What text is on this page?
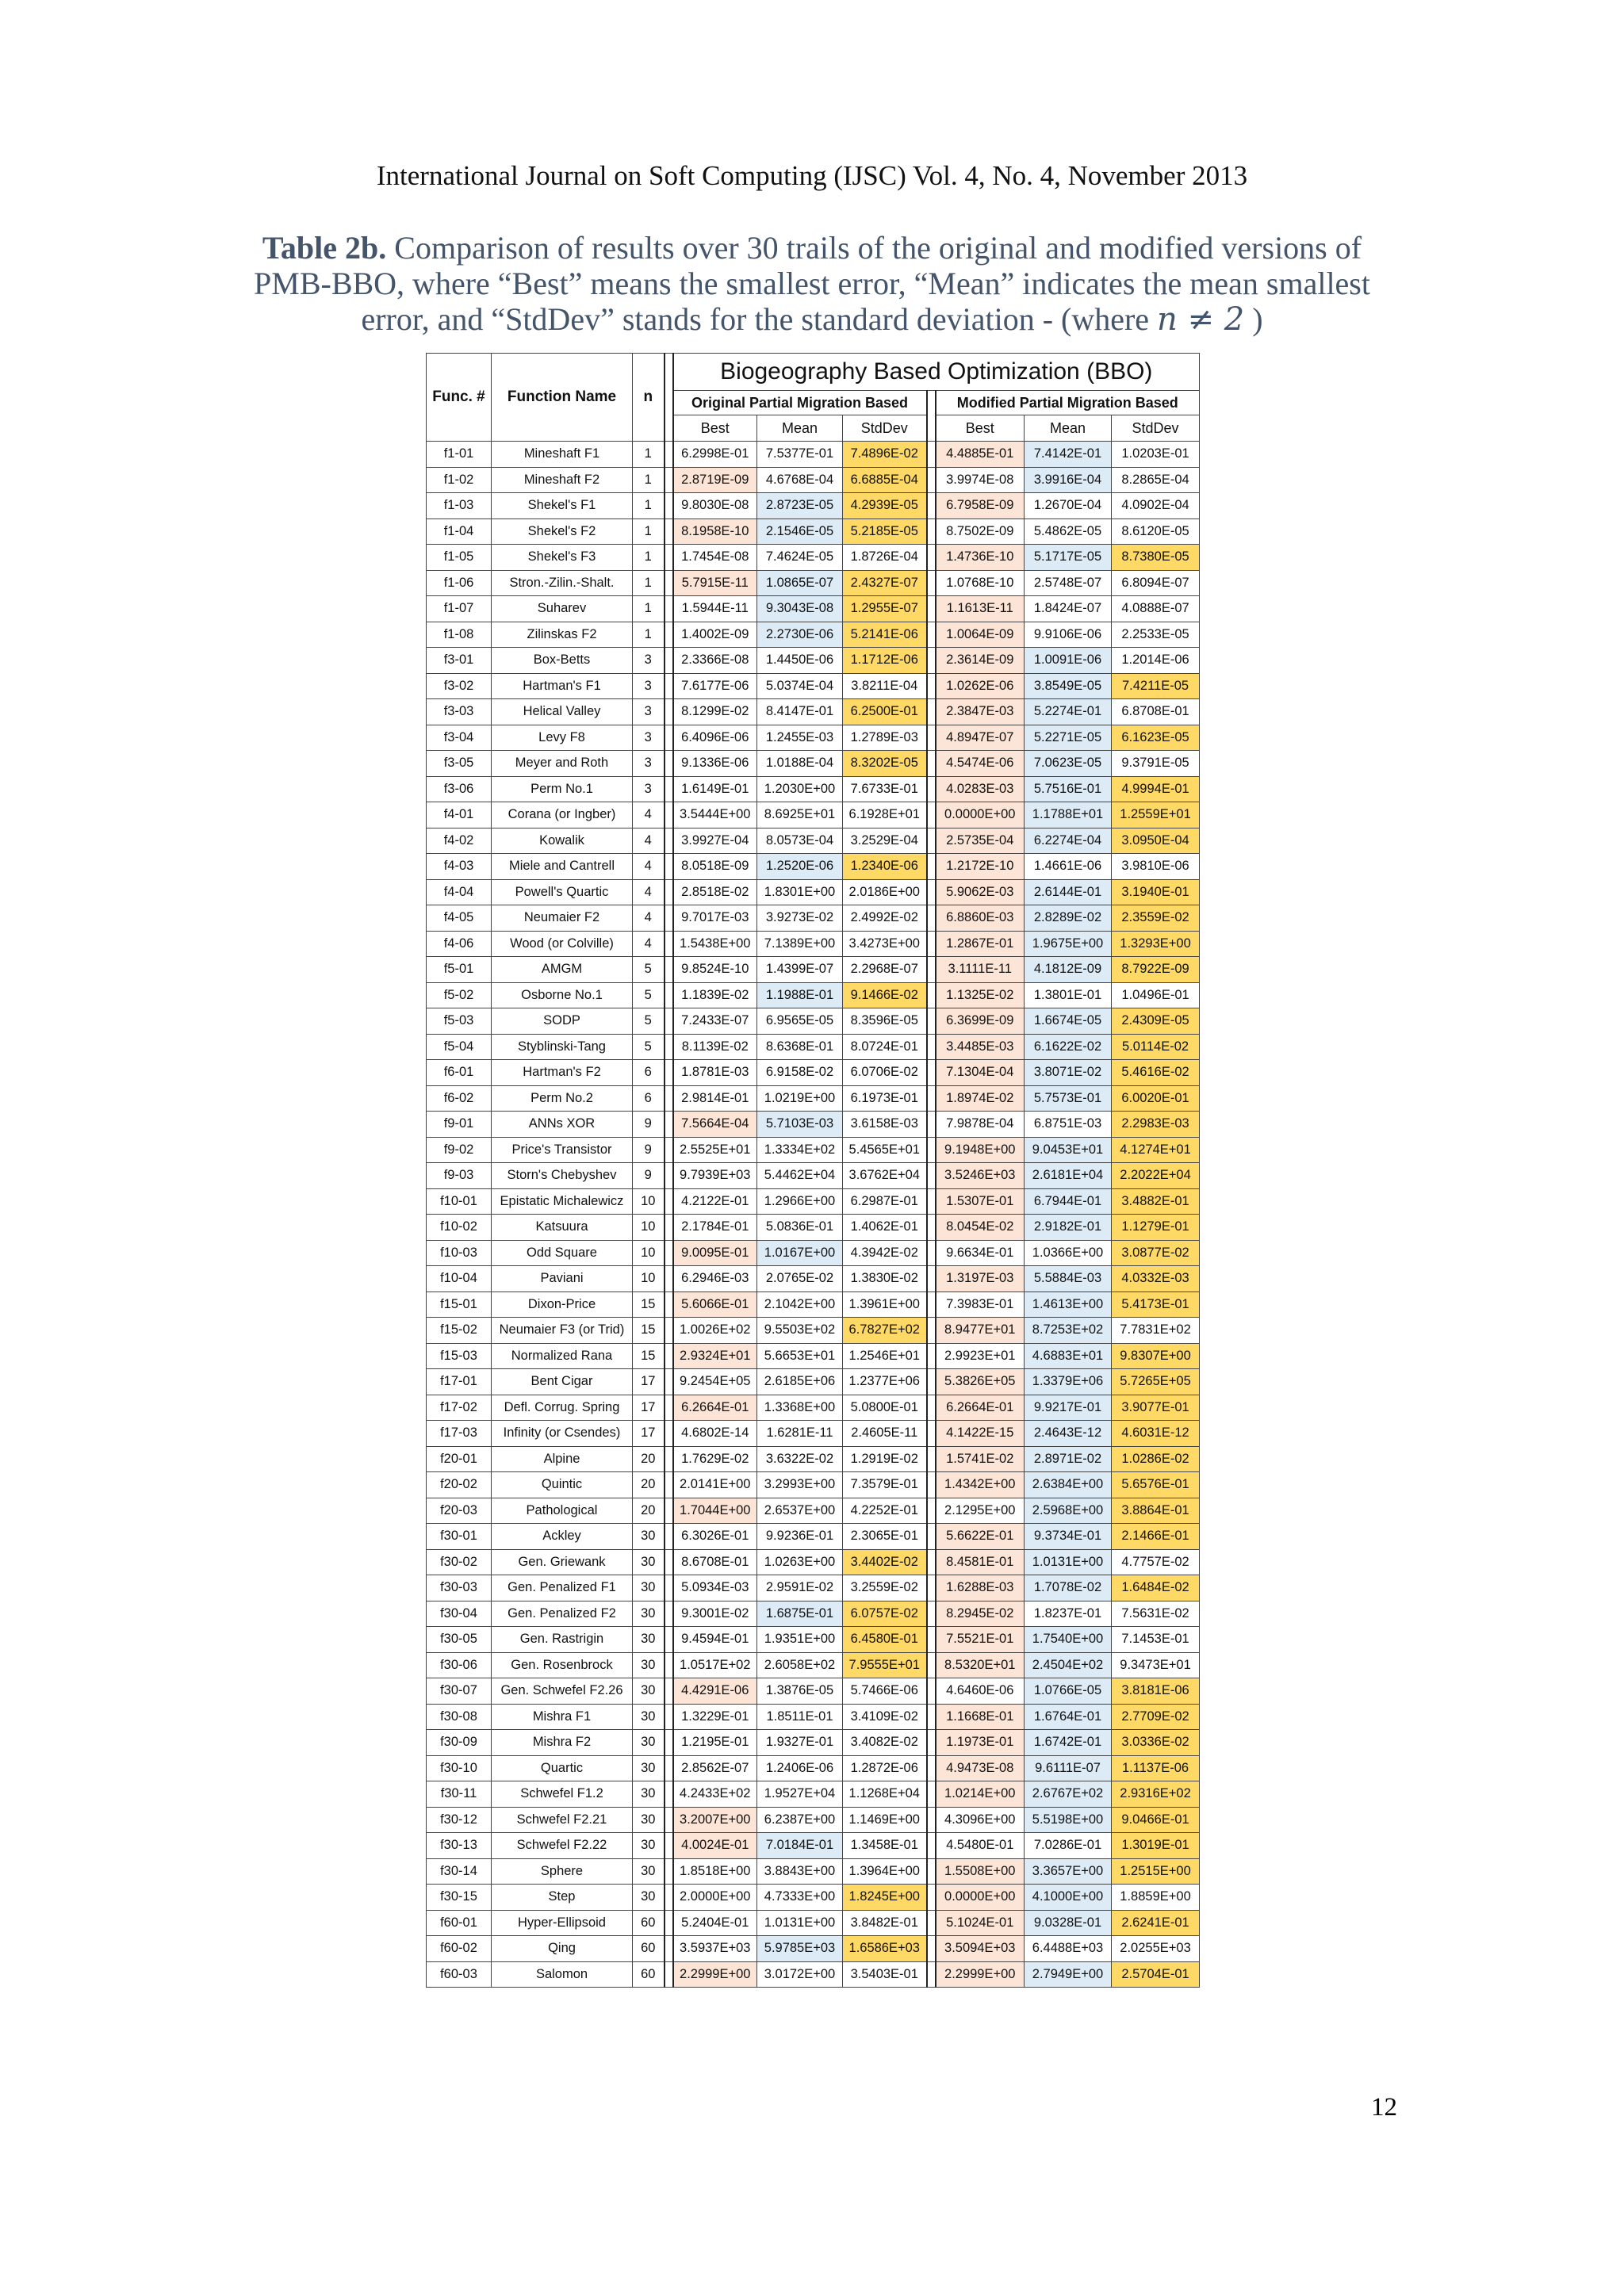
International Journal on Soft Computing (IJSC) Vol. 4, No. 4, November 2013
Table 2b. Comparison of results over 30 trails of the original and modified versions of PMB-BBO, where “Best” means the smallest error, “Mean” indicates the mean smallest error, and “StdDev” stands for the standard deviation - (where n ≠ 2 )
Func. #	Function Name	n		Biogeography Based Optimization (BBO)						
				Original Partial Migration Based				Modified Partial Migration Based		
				Best	Mean	StdDev		Best	Mean	StdDev
f1-01	Mineshaft F1	1		6.2998E-01	7.5377E-01	7.4896E-02		4.4885E-01	7.4142E-01	1.0203E-01
f1-02	Mineshaft F2	1		2.8719E-09	4.6768E-04	6.6885E-04		3.9974E-08	3.9916E-04	8.2865E-04
f1-03	Shekel's F1	1		9.8030E-08	2.8723E-05	4.2939E-05		6.7958E-09	1.2670E-04	4.0902E-04
f1-04	Shekel's F2	1		8.1958E-10	2.1546E-05	5.2185E-05		8.7502E-09	5.4862E-05	8.6120E-05
f1-05	Shekel's F3	1		1.7454E-08	7.4624E-05	1.8726E-04		1.4736E-10	5.1717E-05	8.7380E-05
f1-06	Stron.-Zilin.-Shalt.	1		5.7915E-11	1.0865E-07	2.4327E-07		1.0768E-10	2.5748E-07	6.8094E-07
f1-07	Suharev	1		1.5944E-11	9.3043E-08	1.2955E-07		1.1613E-11	1.8424E-07	4.0888E-07
f1-08	Zilinskas F2	1		1.4002E-09	2.2730E-06	5.2141E-06		1.0064E-09	9.9106E-06	2.2533E-05
f3-01	Box-Betts	3		2.3366E-08	1.4450E-06	1.1712E-06		2.3614E-09	1.0091E-06	1.2014E-06
f3-02	Hartman's F1	3		7.6177E-06	5.0374E-04	3.8211E-04		1.0262E-06	3.8549E-05	7.4211E-05
f3-03	Helical Valley	3		8.1299E-02	8.4147E-01	6.2500E-01		2.3847E-03	5.2274E-01	6.8708E-01
f3-04	Levy F8	3		6.4096E-06	1.2455E-03	1.2789E-03		4.8947E-07	5.2271E-05	6.1623E-05
f3-05	Meyer and Roth	3		9.1336E-06	1.0188E-04	8.3202E-05		4.5474E-06	7.0623E-05	9.3791E-05
f3-06	Perm No.1	3		1.6149E-01	1.2030E+00	7.6733E-01		4.0283E-03	5.7516E-01	4.9994E-01
f4-01	Corana (or Ingber)	4		3.5444E+00	8.6925E+01	6.1928E+01		0.0000E+00	1.1788E+01	1.2559E+01
f4-02	Kowalik	4		3.9927E-04	8.0573E-04	3.2529E-04		2.5735E-04	6.2274E-04	3.0950E-04
f4-03	Miele and Cantrell	4		8.0518E-09	1.2520E-06	1.2340E-06		1.2172E-10	1.4661E-06	3.9810E-06
f4-04	Powell's Quartic	4		2.8518E-02	1.8301E+00	2.0186E+00		5.9062E-03	2.6144E-01	3.1940E-01
f4-05	Neumaier F2	4		9.7017E-03	3.9273E-02	2.4992E-02		6.8860E-03	2.8289E-02	2.3559E-02
f4-06	Wood (or Colville)	4		1.5438E+00	7.1389E+00	3.4273E+00		1.2867E-01	1.9675E+00	1.3293E+00
f5-01	AMGM	5		9.8524E-10	1.4399E-07	2.2968E-07		3.1111E-11	4.1812E-09	8.7922E-09
f5-02	Osborne No.1	5		1.1839E-02	1.1988E-01	9.1466E-02		1.1325E-02	1.3801E-01	1.0496E-01
f5-03	SODP	5		7.2433E-07	6.9565E-05	8.3596E-05		6.3699E-09	1.6674E-05	2.4309E-05
f5-04	Styblinski-Tang	5		8.1139E-02	8.6368E-01	8.0724E-01		3.4485E-03	6.1622E-02	5.0114E-02
f6-01	Hartman's F2	6		1.8781E-03	6.9158E-02	6.0706E-02		7.1304E-04	3.8071E-02	5.4616E-02
f6-02	Perm No.2	6		2.9814E-01	1.0219E+00	6.1973E-01		1.8974E-02	5.7573E-01	6.0020E-01
f9-01	ANNs XOR	9		7.5664E-04	5.7103E-03	3.6158E-03		7.9878E-04	6.8751E-03	2.2983E-03
f9-02	Price's Transistor	9		2.5525E+01	1.3334E+02	5.4565E+01		9.1948E+00	9.0453E+01	4.1274E+01
f9-03	Storn's Chebyshev	9		9.7939E+03	5.4462E+04	3.6762E+04		3.5246E+03	2.6181E+04	2.2022E+04
f10-01	Epistatic Michalewicz	10		4.2122E-01	1.2966E+00	6.2987E-01		1.5307E-01	6.7944E-01	3.4882E-01
f10-02	Katsuura	10		2.1784E-01	5.0836E-01	1.4062E-01		8.0454E-02	2.9182E-01	1.1279E-01
f10-03	Odd Square	10		9.0095E-01	1.0167E+00	4.3942E-02		9.6634E-01	1.0366E+00	3.0877E-02
f10-04	Paviani	10		6.2946E-03	2.0765E-02	1.3830E-02		1.3197E-03	5.5884E-03	4.0332E-03
f15-01	Dixon-Price	15		5.6066E-01	2.1042E+00	1.3961E+00		7.3983E-01	1.4613E+00	5.4173E-01
f15-02	Neumaier F3 (or Trid)	15		1.0026E+02	9.5503E+02	6.7827E+02		8.9477E+01	8.7253E+02	7.7831E+02
f15-03	Normalized Rana	15		2.9324E+01	5.6653E+01	1.2546E+01		2.9923E+01	4.6883E+01	9.8307E+00
f17-01	Bent Cigar	17		9.2454E+05	2.6185E+06	1.2377E+06		5.3826E+05	1.3379E+06	5.7265E+05
f17-02	Defl. Corrug. Spring	17		6.2664E-01	1.3368E+00	5.0800E-01		6.2664E-01	9.9217E-01	3.9077E-01
f17-03	Infinity (or Csendes)	17		4.6802E-14	1.6281E-11	2.4605E-11		4.1422E-15	2.4643E-12	4.6031E-12
f20-01	Alpine	20		1.7629E-02	3.6322E-02	1.2919E-02		1.5741E-02	2.8971E-02	1.0286E-02
f20-02	Quintic	20		2.0141E+00	3.2993E+00	7.3579E-01		1.4342E+00	2.6384E+00	5.6576E-01
f20-03	Pathological	20		1.7044E+00	2.6537E+00	4.2252E-01		2.1295E+00	2.5968E+00	3.8864E-01
f30-01	Ackley	30		6.3026E-01	9.9236E-01	2.3065E-01		5.6622E-01	9.3734E-01	2.1466E-01
f30-02	Gen. Griewank	30		8.6708E-01	1.0263E+00	3.4402E-02		8.4581E-01	1.0131E+00	4.7757E-02
f30-03	Gen. Penalized F1	30		5.0934E-03	2.9591E-02	3.2559E-02		1.6288E-03	1.7078E-02	1.6484E-02
f30-04	Gen. Penalized F2	30		9.3001E-02	1.6875E-01	6.0757E-02		8.2945E-02	1.8237E-01	7.5631E-02
f30-05	Gen. Rastrigin	30		9.4594E-01	1.9351E+00	6.4580E-01		7.5521E-01	1.7540E+00	7.1453E-01
f30-06	Gen. Rosenbrock	30		1.0517E+02	2.6058E+02	7.9555E+01		8.5320E+01	2.4504E+02	9.3473E+01
f30-07	Gen. Schwefel F2.26	30		4.4291E-06	1.3876E-05	5.7466E-06		4.6460E-06	1.0766E-05	3.8181E-06
f30-08	Mishra F1	30		1.3229E-01	1.8511E-01	3.4109E-02		1.1668E-01	1.6764E-01	2.7709E-02
f30-09	Mishra F2	30		1.2195E-01	1.9327E-01	3.4082E-02		1.1973E-01	1.6742E-01	3.0336E-02
f30-10	Quartic	30		2.8562E-07	1.2406E-06	1.2872E-06		4.9473E-08	9.6111E-07	1.1137E-06
f30-11	Schwefel F1.2	30		4.2433E+02	1.9527E+04	1.1268E+04		1.0214E+00	2.6767E+02	2.9316E+02
f30-12	Schwefel F2.21	30		3.2007E+00	6.2387E+00	1.1469E+00		4.3096E+00	5.5198E+00	9.0466E-01
f30-13	Schwefel F2.22	30		4.0024E-01	7.0184E-01	1.3458E-01		4.5480E-01	7.0286E-01	1.3019E-01
f30-14	Sphere	30		1.8518E+00	3.8843E+00	1.3964E+00		1.5508E+00	3.3657E+00	1.2515E+00
f30-15	Step	30		2.0000E+00	4.7333E+00	1.8245E+00		0.0000E+00	4.1000E+00	1.8859E+00
f60-01	Hyper-Ellipsoid	60		5.2404E-01	1.0131E+00	3.8482E-01		5.1024E-01	9.0328E-01	2.6241E-01
f60-02	Qing	60		3.5937E+03	5.9785E+03	1.6586E+03		3.5094E+03	6.4488E+03	2.0255E+03
f60-03	Salomon	60		2.2999E+00	3.0172E+00	3.5403E-01		2.2999E+00	2.7949E+00	2.5704E-01
12
